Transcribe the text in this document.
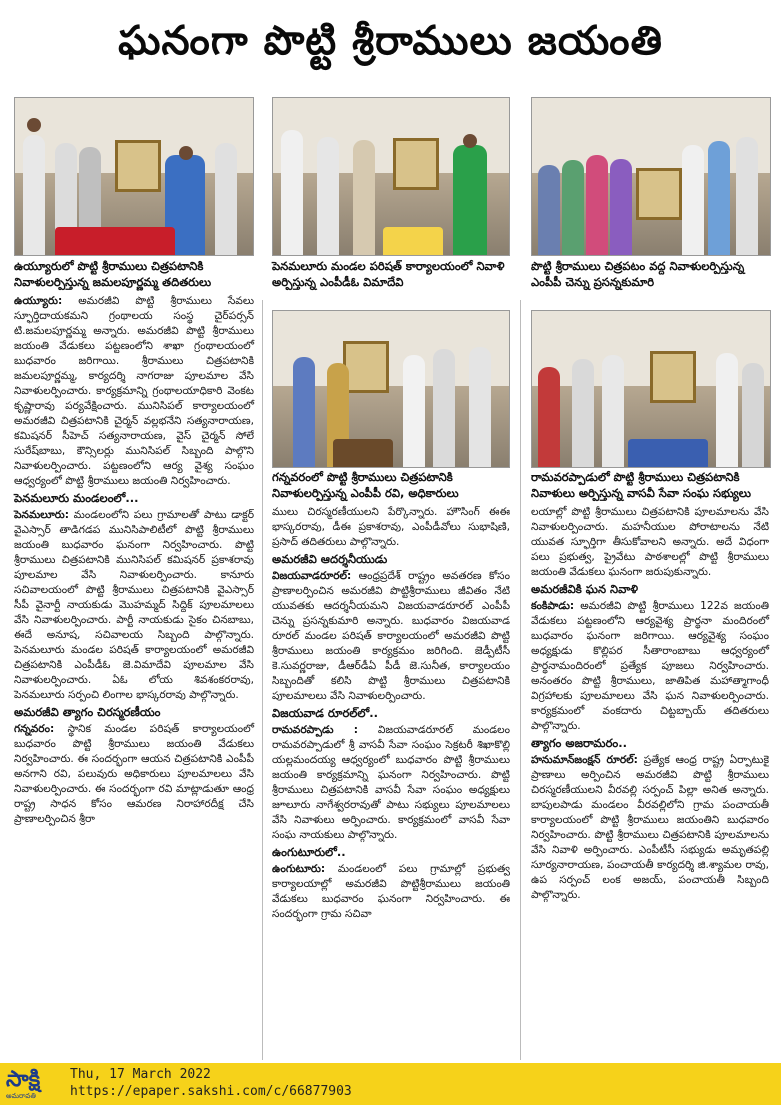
ఘనంగా పొట్టి శ్రీరాములు జయంతి
ఉయ్యూరులో పొట్టి శ్రీరాములు చిత్రపటానికి నివాళులర్పిస్తున్న జమలపూర్ణమ్మ తదితరులు
పెనమలూరు మండల పరిషత్ కార్యాలయంలో నివాళి అర్పిస్తున్న ఎంపీడీఓ విమాదేవి
పొట్టి శ్రీరాములు చిత్రపటం వద్ద నివాళులర్పిస్తున్న ఎంపీపీ చెన్ను ప్రసన్నకుమారి
గన్నవరంలో పొట్టి శ్రీరాములు చిత్రపటానికి నివాళులర్పిస్తున్న ఎంపీపీ రవి, అధికారులు
రామవరప్పాడులో పొట్టి శ్రీరాములు చిత్రపటానికి నివాళులు అర్పిస్తున్న వాసవీ సేవా సంఘ సభ్యులు

ఉయ్యూరు: అమరజీవి పొట్టి శ్రీరాములు సేవలు స్ఫూర్తిదాయకమని గ్రంథాలయ సంస్థ చైర్‌పర్సన్ టి.జమలపూర్ణమ్మ అన్నారు. అమరజీవి పొట్టి శ్రీరాములు జయంతి వేడుకలు పట్టణంలోని శాఖా గ్రంథాలయంలో బుధవారం జరిగాయి. శ్రీరాములు చిత్రపటానికి జమలపూర్ణమ్మ, కార్యదర్శి నాగరాజు పూలమాల వేసి నివాళులర్పించారు. కార్యక్రమాన్ని గ్రంథాలయాధికారి వెంకట కృష్ణారావు పర్యవేక్షించారు. మునిసిపల్ కార్యాలయంలో అమరజీవి చిత్రపటానికి చైర్మన్ వల్లభనేని సత్యనారాయణ, కమిషనర్ సీహెచ్ సత్యనారాయణ, వైస్ చైర్మన్ సోలే సురేష్‌బాబు, కౌన్సిలర్లు మునిసిపల్ సిబ్బంది పాల్గొని నివాళులర్పించారు. పట్టణంలోని ఆర్య వైశ్య సంఘం ఆధ్వర్యంలో పొట్టి శ్రీరాములు జయంతి నిర్వహించారు.

పెనమలూరు మండలంలో...

పెనమలూరు: మండలంలోని పలు గ్రామాలతో పాటు డాక్టర్ వైఎస్సార్ తాడిగడప మునిసిపాలిటీలో పొట్టి శ్రీరాములు జయంతి బుధవారం ఘనంగా నిర్వహించారు. పొట్టి శ్రీరాములు చిత్రపటానికి మునిసిపల్ కమిషనర్ ప్రకాశరావు పూలమాల వేసి నివాళులర్పించారు. కానూరు సచివాలయంలో పొట్టి శ్రీరాములు చిత్రపటానికి వైఎస్సార్ సీపీ వైనార్టీ నాయకుడు మొహమ్మద్ సిద్దిక్ పూలమాలలు వేసి నివాళులర్పించారు. పార్టీ నాయకుడు సైకం చినబాబు, ఈదే అనూష, సచివాలయ సిబ్బంది పాల్గొన్నారు. పెనమలూరు మండల పరిషత్ కార్యాలయంలో అమరజీవి చిత్రపటానికి ఎంపీడీఓ జె.విమాదేవి పూలమాల వేసి నివాళులర్పించారు. ఏఓ లోయ శివశంకరరావు, పెనమలూరు సర్పంచి లింగాల భాస్కరరావు పాల్గొన్నారు.

అమరజీవి త్యాగం చిరస్మరణీయం

గన్నవరం: స్థానిక మండల పరిషత్ కార్యాలయంలో బుధవారం పొట్టి శ్రీరాములు జయంతి వేడుకలు నిర్వహించారు. ఈ సందర్భంగా ఆయన చిత్రపటానికి ఎంపీపీ అనగాని రవి, పలువురు అధికారులు పూలమాలలు వేసి నివాళులర్పించారు. ఈ సందర్భంగా రవి మాట్లాడుతూ ఆంధ్ర రాష్ట్ర సాధన కోసం ఆమరణ నిరాహారదీక్ష చేసి ప్రాణాలర్పించిన శ్రీరా

ములు చిరస్మరణీయులని పేర్కొన్నారు. హౌసింగ్ ఈఈ భాస్కరరావు, డీఈ ప్రకాశరావు, ఎంపీడీవోలు సుభాషిణి, ప్రసాద్ తదితరులు పాల్గొన్నారు.

అమరజీవి ఆదర్శనీయుడు

విజయవాడరూరల్: ఆంధ్రప్రదేశ్ రాష్ట్రం అవతరణ కోసం ప్రాణాలర్పించిన అమరజీవి పొట్టిశ్రీరాములు జీవితం నేటి యువతకు ఆదర్శనీయమని విజయవాడరూరల్ ఎంపీపీ చెన్ను ప్రసన్నకుమారి అన్నారు. బుధవారం విజయవాడ రూరల్ మండల పరిషత్ కార్యాలయంలో అమరజీవి పొట్టి శ్రీరాములు జయంతి కార్యక్రమం జరిగింది. జెడ్పీటీసీ కె.సువర్ణరాజు, డీఆర్‌డీఏ పీడీ జె.సునీత, కార్యాలయం సిబ్బందితో కలిసి పొట్టి శ్రీరాములు చిత్రపటానికి పూలమాలలు వేసి నివాళులర్పించారు.

విజయవాడ రూరల్‌లో..

రామవరప్పాడు : విజయవాడరూరల్ మండలం రామవరప్పాడులో శ్రీ వాసవీ సేవా సంఘం సెక్రటరీ శిఖాకొల్లి యల్లమందయ్య ఆధ్వర్యంలో బుధవారం పొట్టి శ్రీరాములు జయంతి కార్యక్రమాన్ని ఘనంగా నిర్వహించారు. పొట్టి శ్రీరాములు చిత్రపటానికి వాసవీ సేవా సంఘం అధ్యక్షులు జూలూరు నాగేశ్వరరావుతో పాటు సభ్యులు పూలమాలలు వేసి నివాళులు అర్పించారు. కార్యక్రమంలో వాసవీ సేవా సంఘ నాయకులు పాల్గొన్నారు.

ఉంగుటూరులో..

ఉంగుటూరు: మండలంలో పలు గ్రామాల్లో ప్రభుత్వ కార్యాలయాల్లో అమరజీవి పొట్టిశ్రీరాములు జయంతి వేడుకలు బుధవారం ఘనంగా నిర్వహించారు. ఈ సందర్భంగా గ్రామ సచివా

లయాల్లో పొట్టి శ్రీరాములు చిత్రపటానికి పూలమాలను వేసి నివాళులర్పించారు. మహనీయుల పోరాటాలను నేటి యువత స్ఫూర్తిగా తీసుకోవాలని అన్నారు. అదే విధంగా పలు ప్రభుత్వ, ప్రైవేటు పాఠశాలల్లో పొట్టి శ్రీరాములు జయంతి వేడుకలు ఘనంగా జరుపుకున్నారు.

అమరజీవికి ఘన నివాళి

కంకిపాడు: అమరజీవి పొట్టి శ్రీరాములు 122వ జయంతి వేడుకలు పట్టణంలోని ఆర్యవైశ్య ప్రార్థనా మందిరంలో బుధవారం ఘనంగా జరిగాయి. ఆర్యవైశ్య సంఘం అధ్యక్షుడు కొల్లిపర సీతారాంబాబు ఆధ్వర్యంలో ప్రార్థనామందిరంలో ప్రత్యేక పూజలు నిర్వహించారు. అనంతరం పొట్టి శ్రీరాములు, జాతిపిత మహాత్మాగాంధీ విగ్రహాలకు పూలమాలలు వేసి ఘన నివాళులర్పించారు. కార్యక్రమంలో వంకదారు చిట్టబ్బాయ్ తదితరులు పాల్గొన్నారు.

త్యాగం అజరామరం..

హనుమాన్‌జంక్షన్ రూరల్: ప్రత్యేక ఆంధ్ర రాష్ట్ర ఏర్పాటుకై ప్రాణాలు అర్పించిన అమరజీవి పొట్టి శ్రీరాములు చిరస్మరణీయులని వీరవల్లి సర్పంచ్ పిల్లా అనిత అన్నారు. బాపులపాడు మండలం వీరవల్లిలోని గ్రామ పంచాయతీ కార్యాలయంలో పొట్టి శ్రీరాములు జయంతిని బుధవారం నిర్వహించారు. పొట్టి శ్రీరాములు చిత్రపటానికి పూలమాలను వేసి నివాళి అర్పించారు. ఎంపీటీసీ సభ్యుడు అమృతపల్లి సూర్యనారాయణ, పంచాయతీ కార్యదర్శి జి.శ్యామల రావు, ఉప సర్పంచ్ లంక అజయ్, పంచాయతీ సిబ్బంది పాల్గొన్నారు.

సాక్షి
అమరావతి
Thu, 17 March 2022
https://epaper.sakshi.com/c/66877903
